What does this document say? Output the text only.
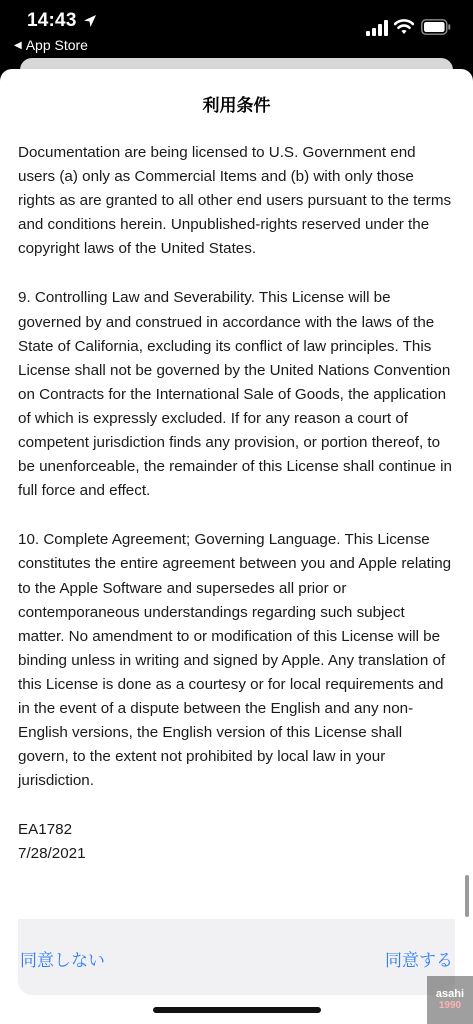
14:43
◀ App Store
利用条件

Documentation are being licensed to U.S. Government end users (a) only as Commercial Items and (b) with only those rights as are granted to all other end users pursuant to the terms and conditions herein. Unpublished-rights reserved under the copyright laws of the United States.

9. Controlling Law and Severability. This License will be governed by and construed in accordance with the laws of the State of California, excluding its conflict of law principles. This License shall not be governed by the United Nations Convention on Contracts for the International Sale of Goods, the application of which is expressly excluded. If for any reason a court of competent jurisdiction finds any provision, or portion thereof, to be unenforceable, the remainder of this License shall continue in full force and effect.

10. Complete Agreement; Governing Language. This License constitutes the entire agreement between you and Apple relating to the Apple Software and supersedes all prior or contemporaneous understandings regarding such subject matter. No amendment to or modification of this License will be binding unless in writing and signed by Apple. Any translation of this License is done as a courtesy or for local requirements and in the event of a dispute between the English and any non-English versions, the English version of this License shall govern, to the extent not prohibited by local law in your jurisdiction.

EA1782
7/28/2021
同意しない	同意する
asahi
1990
